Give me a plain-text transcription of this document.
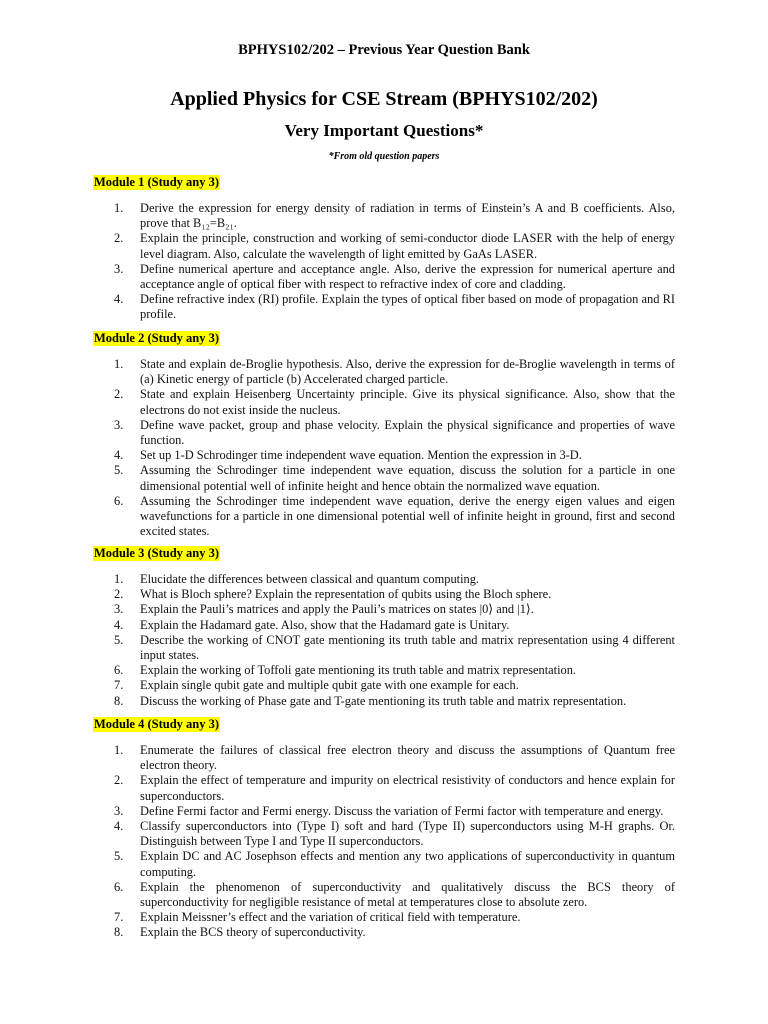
BPHYS102/202 – Previous Year Question Bank
Applied Physics for CSE Stream (BPHYS102/202)
Very Important Questions*
*From old question papers
Module 1 (Study any 3)
1. Derive the expression for energy density of radiation in terms of Einstein’s A and B coefficients. Also, prove that B₁₂=B₂₁.
2. Explain the principle, construction and working of semi-conductor diode LASER with the help of energy level diagram. Also, calculate the wavelength of light emitted by GaAs LASER.
3. Define numerical aperture and acceptance angle. Also, derive the expression for numerical aperture and acceptance angle of optical fiber with respect to refractive index of core and cladding.
4. Define refractive index (RI) profile. Explain the types of optical fiber based on mode of propagation and RI profile.
Module 2 (Study any 3)
1. State and explain de-Broglie hypothesis. Also, derive the expression for de-Broglie wavelength in terms of (a) Kinetic energy of particle (b) Accelerated charged particle.
2. State and explain Heisenberg Uncertainty principle. Give its physical significance. Also, show that the electrons do not exist inside the nucleus.
3. Define wave packet, group and phase velocity. Explain the physical significance and properties of wave function.
4. Set up 1-D Schrodinger time independent wave equation. Mention the expression in 3-D.
5. Assuming the Schrodinger time independent wave equation, discuss the solution for a particle in one dimensional potential well of infinite height and hence obtain the normalized wave equation.
6. Assuming the Schrodinger time independent wave equation, derive the energy eigen values and eigen wavefunctions for a particle in one dimensional potential well of infinite height in ground, first and second excited states.
Module 3 (Study any 3)
1. Elucidate the differences between classical and quantum computing.
2. What is Bloch sphere? Explain the representation of qubits using the Bloch sphere.
3. Explain the Pauli’s matrices and apply the Pauli’s matrices on states |0⟩ and |1⟩.
4. Explain the Hadamard gate. Also, show that the Hadamard gate is Unitary.
5. Describe the working of CNOT gate mentioning its truth table and matrix representation using 4 different input states.
6. Explain the working of Toffoli gate mentioning its truth table and matrix representation.
7. Explain single qubit gate and multiple qubit gate with one example for each.
8. Discuss the working of Phase gate and T-gate mentioning its truth table and matrix representation.
Module 4 (Study any 3)
1. Enumerate the failures of classical free electron theory and discuss the assumptions of Quantum free electron theory.
2. Explain the effect of temperature and impurity on electrical resistivity of conductors and hence explain for superconductors.
3. Define Fermi factor and Fermi energy. Discuss the variation of Fermi factor with temperature and energy.
4. Classify superconductors into (Type I) soft and hard (Type II) superconductors using M-H graphs. Or. Distinguish between Type I and Type II superconductors.
5. Explain DC and AC Josephson effects and mention any two applications of superconductivity in quantum computing.
6. Explain the phenomenon of superconductivity and qualitatively discuss the BCS theory of superconductivity for negligible resistance of metal at temperatures close to absolute zero.
7. Explain Meissner’s effect and the variation of critical field with temperature.
8. Explain the BCS theory of superconductivity.
